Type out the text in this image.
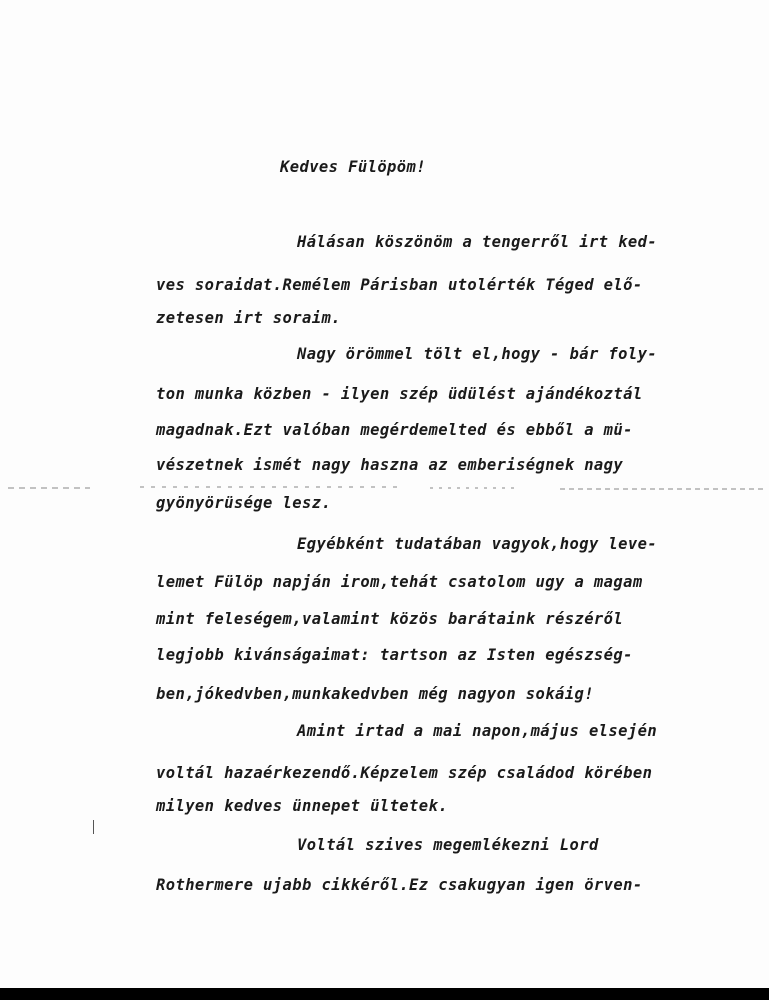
Kedves Fülöpöm!
Hálásan köszönöm a tengerről irt ked-
ves soraidat.Remélem Párisban utolérték Téged elő-
zetesen irt soraim.
Nagy örömmel tölt el,hogy - bár foly-
ton munka közben - ilyen szép üdülést ajándékoztál
magadnak.Ezt valóban megérdemelted és ebből a mü-
vészetnek ismét nagy haszna az emberiségnek nagy
gyönyörüsége lesz.
Egyébként tudatában vagyok,hogy leve-
lemet Fülöp napján irom,tehát csatolom ugy a magam
mint feleségem,valamint közös barátaink részéről
legjobb kivánságaimat: tartson az Isten egészség-
ben,jókedvben,munkakedvben még nagyon sokáig!
Amint irtad a mai napon,május elsején
voltál hazaérkezendő.Képzelem szép családod körében
milyen kedves ünnepet ültetek.
Voltál szives megemlékezni Lord
Rothermere ujabb cikkéről.Ez csakugyan igen örven-
